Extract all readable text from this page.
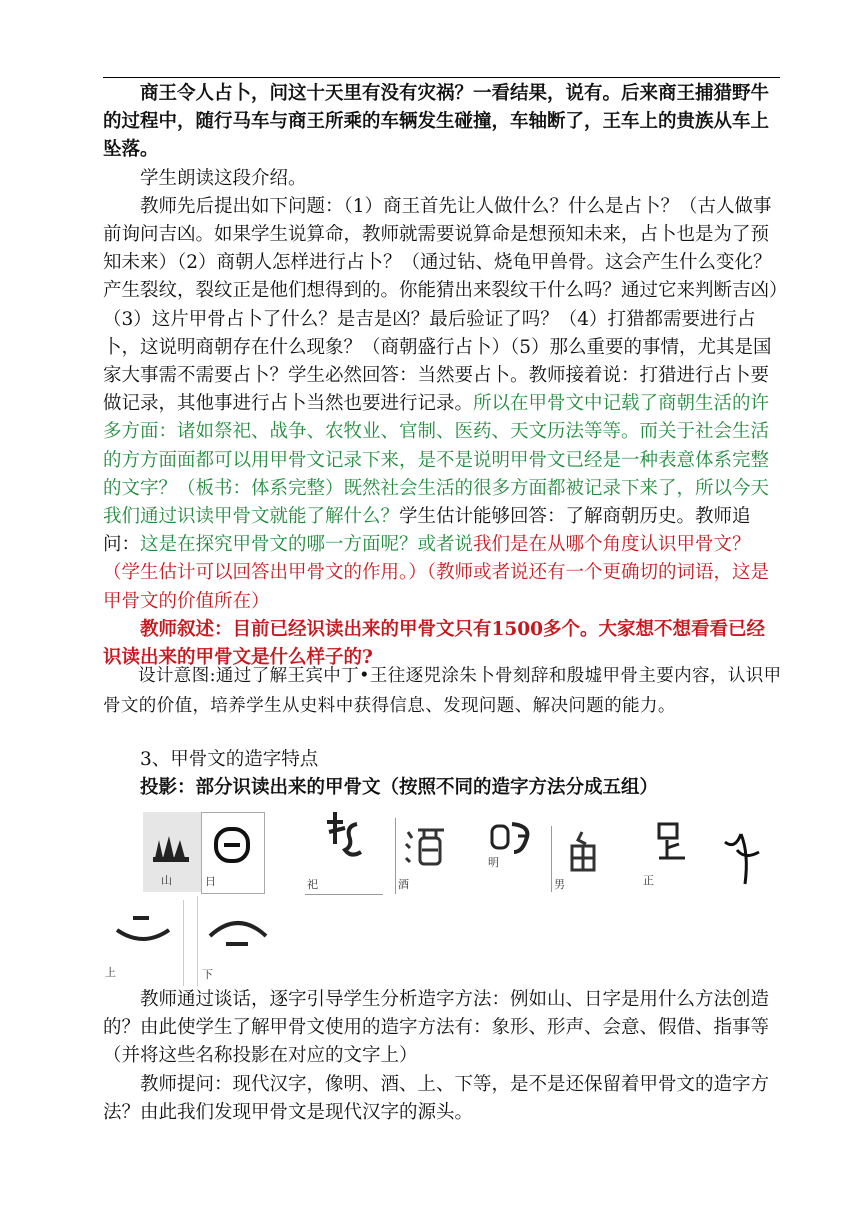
商王令人占卜，问这十天里有没有灾祸？一看结果，说有。后来商王捕猎野牛的过程中，随行马车与商王所乘的车辆发生碰撞，车轴断了，王车上的贵族从车上坠落。

学生朗读这段介绍。

教师先后提出如下问题：（1）商王首先让人做什么？什么是占卜？（古人做事前询问吉凶。如果学生说算命，教师就需要说算命是想预知未来，占卜也是为了预知未来）（2）商朝人怎样进行占卜？（通过钻、烧龟甲兽骨。这会产生什么变化？产生裂纹，裂纹正是他们想得到的。你能猜出来裂纹干什么吗？通过它来判断吉凶）（3）这片甲骨占卜了什么？是吉是凶？最后验证了吗？（4）打猎都需要进行占卜，这说明商朝存在什么现象？（商朝盛行占卜）（5）那么重要的事情，尤其是国家大事需不需要占卜？学生必然回答：当然要占卜。教师接着说：打猎进行占卜要做记录，其他事进行占卜当然也要进行记录。所以在甲骨文中记载了商朝生活的许多方面：诸如祭祀、战争、农牧业、官制、医药、天文历法等等。而关于社会生活的方方面面都可以用甲骨文记录下来，是不是说明甲骨文已经是一种表意体系完整的文字？（板书：体系完整）既然社会生活的很多方面都被记录下来了，所以今天我们通过识读甲骨文就能了解什么？学生估计能够回答：了解商朝历史。教师追问：这是在探究甲骨文的哪一方面呢？或者说我们是在从哪个角度认识甲骨文？（学生估计可以回答出甲骨文的作用。）（教师或者说还有一个更确切的词语，这是甲骨文的价值所在）

教师叙述：目前已经识读出来的甲骨文只有1500多个。大家想不想看看已经识读出来的甲骨文是什么样子的?

设计意图:通过了解王宾中丁•王往逐兕涂朱卜骨刻辞和殷墟甲骨主要内容，认识甲骨文的价值，培养学生从史料中获得信息、发现问题、解决问题的能力。

3、甲骨文的造字特点

投影：部分识读出来的甲骨文（按照不同的造字方法分成五组）

山	日	祀	酒
明
男	正
上	下

教师通过谈话，逐字引导学生分析造字方法：例如山、日字是用什么方法创造的？由此使学生了解甲骨文使用的造字方法有：象形、形声、会意、假借、指事等（并将这些名称投影在对应的文字上）

教师提问：现代汉字，像明、酒、上、下等，是不是还保留着甲骨文的造字方法？由此我们发现甲骨文是现代汉字的源头。
